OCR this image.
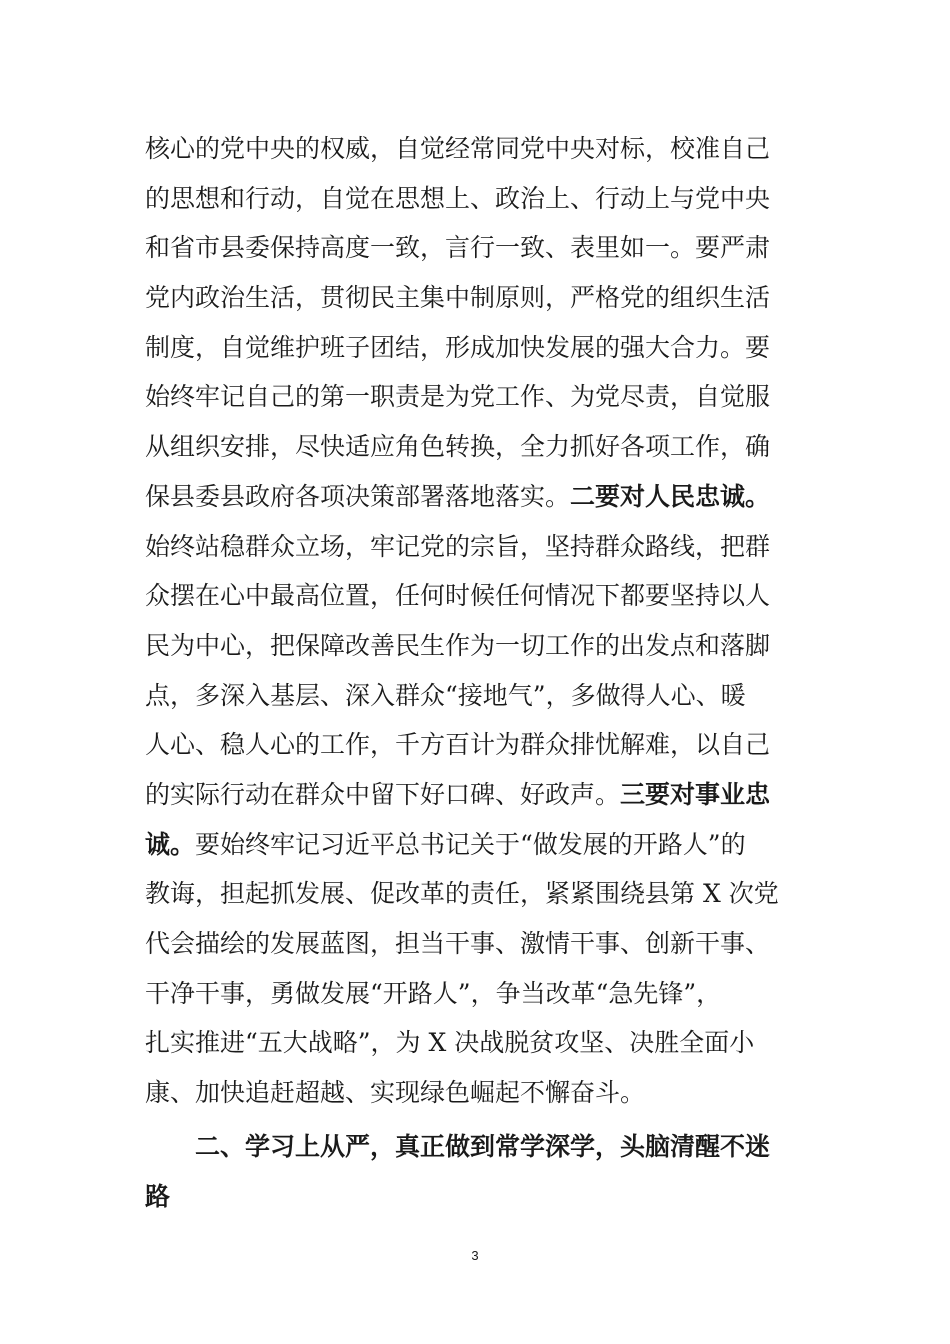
核心的党中央的权威，自觉经常同党中央对标，校准自己
的思想和行动，自觉在思想上、政治上、行动上与党中央
和省市县委保持高度一致，言行一致、表里如一。要严肃
党内政治生活，贯彻民主集中制原则，严格党的组织生活
制度，自觉维护班子团结，形成加快发展的强大合力。要
始终牢记自己的第一职责是为党工作、为党尽责，自觉服
从组织安排，尽快适应角色转换，全力抓好各项工作，确
保县委县政府各项决策部署落地落实。二要对人民忠诚。
始终站稳群众立场，牢记党的宗旨，坚持群众路线，把群
众摆在心中最高位置，任何时候任何情况下都要坚持以人
民为中心，把保障改善民生作为一切工作的出发点和落脚
点，多深入基层、深入群众“接地气”，多做得人心、暖
人心、稳人心的工作，千方百计为群众排忧解难，以自己
的实际行动在群众中留下好口碑、好政声。三要对事业忠
诚。要始终牢记习近平总书记关于“做发展的开路人”的
教诲，担起抓发展、促改革的责任，紧紧围绕县第 X 次党
代会描绘的发展蓝图，担当干事、激情干事、创新干事、
干净干事，勇做发展“开路人”，争当改革“急先锋”，
扎实推进“五大战略”，为 X 决战脱贫攻坚、决胜全面小
康、加快追赶超越、实现绿色崛起不懈奋斗。
二、学习上从严，真正做到常学深学，头脑清醒不迷
路
3
